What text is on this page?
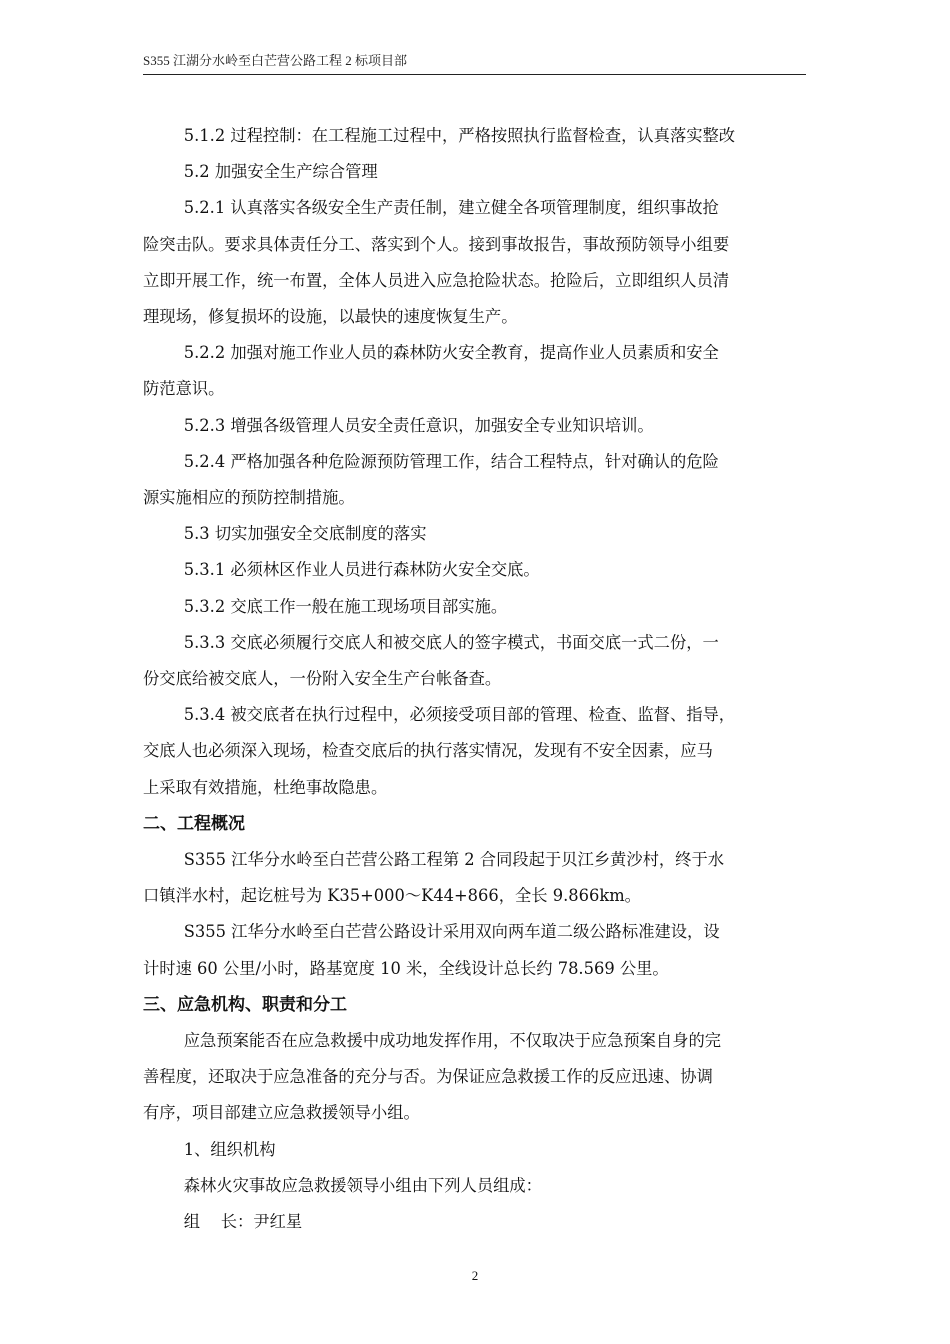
S355 江湖分水岭至白芒营公路工程 2 标项目部

5.1.2 过程控制：在工程施工过程中，严格按照执行监督检查，认真落实整改

5.2 加强安全生产综合管理

5.2.1 认真落实各级安全生产责任制，建立健全各项管理制度，组织事故抢

险突击队。要求具体责任分工、落实到个人。接到事故报告，事故预防领导小组要

立即开展工作，统一布置，全体人员进入应急抢险状态。抢险后，立即组织人员清

理现场，修复损坏的设施，以最快的速度恢复生产。

5.2.2 加强对施工作业人员的森林防火安全教育，提高作业人员素质和安全

防范意识。

5.2.3 增强各级管理人员安全责任意识，加强安全专业知识培训。

5.2.4 严格加强各种危险源预防管理工作，结合工程特点，针对确认的危险

源实施相应的预防控制措施。

5.3 切实加强安全交底制度的落实

5.3.1 必须林区作业人员进行森林防火安全交底。

5.3.2 交底工作一般在施工现场项目部实施。

5.3.3 交底必须履行交底人和被交底人的签字模式，书面交底一式二份，一

份交底给被交底人，一份附入安全生产台帐备查。

5.3.4 被交底者在执行过程中，必须接受项目部的管理、检查、监督、指导，

交底人也必须深入现场，检查交底后的执行落实情况，发现有不安全因素，应马

上采取有效措施，杜绝事故隐患。

二、工程概况

S355 江华分水岭至白芒营公路工程第 2 合同段起于贝江乡黄沙村，终于水

口镇泮水村，起讫桩号为 K35+000～K44+866，全长 9.866km。

S355 江华分水岭至白芒营公路设计采用双向两车道二级公路标准建设，设

计时速 60 公里/小时，路基宽度 10 米，全线设计总长约 78.569 公里。

三、应急机构、职责和分工

应急预案能否在应急救援中成功地发挥作用，不仅取决于应急预案自身的完

善程度，还取决于应急准备的充分与否。为保证应急救援工作的反应迅速、协调

有序，项目部建立应急救援领导小组。

1、组织机构

森林火灾事故应急救援领导小组由下列人员组成：

组    长：尹红星

2
